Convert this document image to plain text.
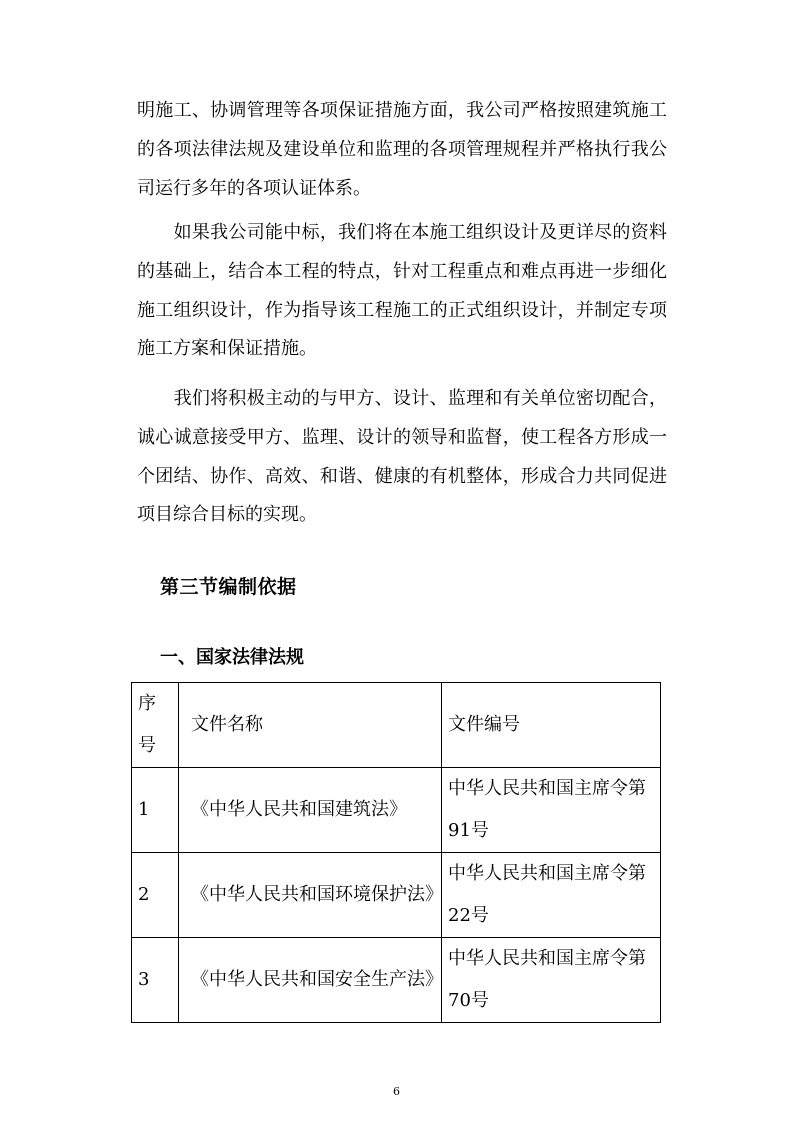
明施工、协调管理等各项保证措施方面，我公司严格按照建筑施工的各项法律法规及建设单位和监理的各项管理规程并严格执行我公司运行多年的各项认证体系。

　　如果我公司能中标，我们将在本施工组织设计及更详尽的资料的基础上，结合本工程的特点，针对工程重点和难点再进一步细化施工组织设计，作为指导该工程施工的正式组织设计，并制定专项施工方案和保证措施。

　　我们将积极主动的与甲方、设计、监理和有关单位密切配合，诚心诚意接受甲方、监理、设计的领导和监督，使工程各方形成一个团结、协作、高效、和谐、健康的有机整体，形成合力共同促进项目综合目标的实现。

第三节编制依据
一、国家法律法规
序号	文件名称	文件编号
1	《中华人民共和国建筑法》	中华人民共和国主席令第91号
2	《中华人民共和国环境保护法》	中华人民共和国主席令第22号
3	《中华人民共和国安全生产法》	中华人民共和国主席令第70号
6
